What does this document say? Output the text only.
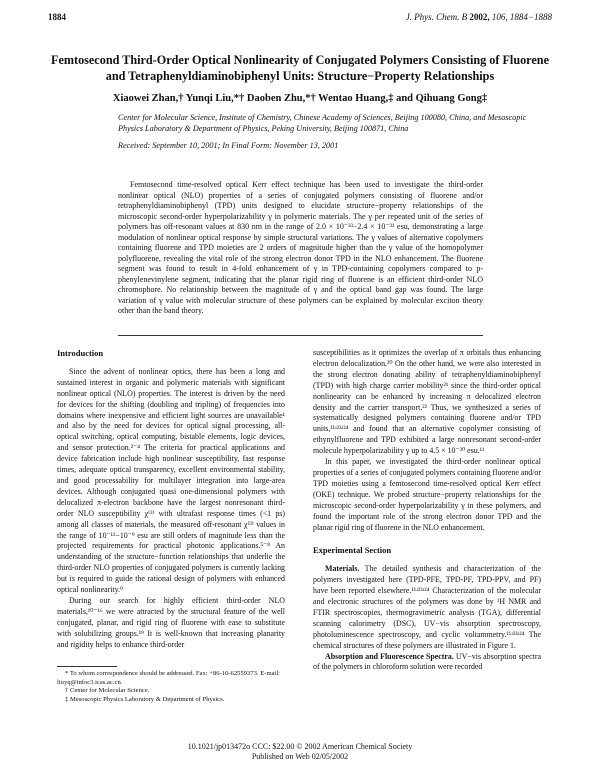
1884	J. Phys. Chem. B 2002, 106, 1884−1888
Femtosecond Third-Order Optical Nonlinearity of Conjugated Polymers Consisting of Fluorene and Tetraphenyldiaminobiphenyl Units: Structure−Property Relationships
Xiaowei Zhan,† Yunqi Liu,*† Daoben Zhu,*† Wentao Huang,‡ and Qihuang Gong‡
Center for Molecular Science, Institute of Chemistry, Chinese Academy of Sciences, Beijing 100080, China, and Mesoscopic Physics Laboratory & Department of Physics, Peking University, Beijing 100871, China
Received: September 10, 2001; In Final Form: November 13, 2001
Femtosecond time-resolved optical Kerr effect technique has been used to investigate the third-order nonlinear optical (NLO) properties of a series of conjugated polymers consisting of fluorene and/or tetraphenyldiaminobiphenyl (TPD) units designed to elucidate structure−property relationships of the microscopic second-order hyperpolarizability γ in polymeric materials. The γ per repeated unit of the series of polymers has off-resonant values at 830 nm in the range of 2.0 × 10⁻³³−2.4 × 10⁻³¹ esu, demonstrating a large modulation of nonlinear optical response by simple structural variations. The γ values of alternative copolymers containing fluorene and TPD moieties are 2 orders of magnitude higher than the γ value of the homopolymer polyfluorene, revealing the vital role of the strong electron donor TPD in the NLO enhancement. The fluorene segment was found to result in 4-fold enhancement of γ in TPD-containing copolymers compared to p-phenylenevinylene segment, indicating that the planar rigid ring of fluorene is an efficient third-order NLO chromophore. No relationship between the magnitude of γ and the optical band gap was found. The large variation of γ value with molecular structure of these polymers can be explained by molecular exciton theory other than the band theory.

Introduction

Since the advent of nonlinear optics, there has been a long and sustained interest in organic and polymeric materials with significant nonlinear optical (NLO) properties. The interest is driven by the need for devices for the shifting (doubling and tripling) of frequencies into domains where inexpensive and efficient light sources are unavailable¹ and also by the need for devices for optical signal processing, all-optical switching, optical computing, bistable elements, logic devices, and sensor protection.²⁻⁴ The criteria for practical applications and device fabrication include high nonlinear susceptibility, fast response times, adequate optical transparency, excellent environmental stability, and good processability for multilayer integration into large-area devices. Although conjugated quasi one-dimensional polymers with delocalized π-electron backbone have the largest nonresonant third-order NLO susceptibility χ⁽³⁾ with ultrafast response times (<1 ps) among all classes of materials, the measured off-resonant χ⁽³⁾ values in the range of 10⁻¹²−10⁻⁹ esu are still orders of magnitude less than the projected requirements for practical photonic applications.⁵⁻⁸ An understanding of the structure−function relationships that underlie the third-order NLO properties of conjugated polymers is currently lacking but is required to guide the rational design of polymers with enhanced optical nonlinearity.⁹

During our search for highly efficient third-order NLO materials,¹⁰⁻¹⁶ we were attracted by the structural feature of the well conjugated, planar, and rigid ring of fluorene with ease to substitute with solubilizing groups.¹⁹ It is well-known that increasing planarity and rigidity helps to enhance third-order

* To whom correspondence should be addressed. Fax: +86-10-62559373. E-mail: liuyq@infoc3.icas.ac.cn.

† Center for Molecular Science.

‡ Mesoscopic Physics Laboratory & Department of Physics.

susceptibilities as it optimizes the overlap of π orbitals thus enhancing electron delocalization.²⁰ On the other hand, we were also interested in the strong electron donating ability of tetraphenyldiaminobiphenyl (TPD) with high charge carrier mobility²¹ since the third-order optical nonlinearity can be enhanced by increasing π delocalized electron density and the carrier transport.²² Thus, we synthesized a series of systematically designed polymers containing fluorene and/or TPD units,¹¹ʴ²³ʴ²⁴ and found that an alternative copolymer consisting of ethynylfluorene and TPD exhibited a large nonresonant second-order molecule hyperpolarizability γ up to 4.5 × 10⁻³⁰ esu.¹¹

In this paper, we investigated the third-order nonlinear optical properties of a series of conjugated polymers containing fluorene and/or TPD moieties using a femtosecond time-resolved optical Kerr effect (OKE) technique. We probed structure−property relationships for the microscopic second-order hyperpolarizability γ in these polymers, and found the important role of the strong electron donor TPD and the planar rigid ring of fluorene in the NLO enhancement.

Experimental Section

Materials. The detailed synthesis and characterization of the polymers investigated here (TPD-PFE, TPD-PF, TPD-PPV, and PF) have been reported elsewhere.¹¹ʴ²³ʴ²⁴ Characterization of the molecular and electronic structures of the polymers was done by ¹H NMR and FTIR spectroscopies, thermogravimetric analysis (TGA), differential scanning calorimetry (DSC), UV−vis absorption spectroscopy, photoluminescence spectroscopy, and cyclic voltammetry.¹¹ʴ²³ʴ²⁴ The chemical structures of these polymers are illustrated in Figure 1.

Absorption and Fluorescence Spectra. UV−vis absorption spectra of the polymers in chloroform solution were recorded

10.1021/jp013472o CCC: $22.00 © 2002 American Chemical Society
Published on Web 02/05/2002
